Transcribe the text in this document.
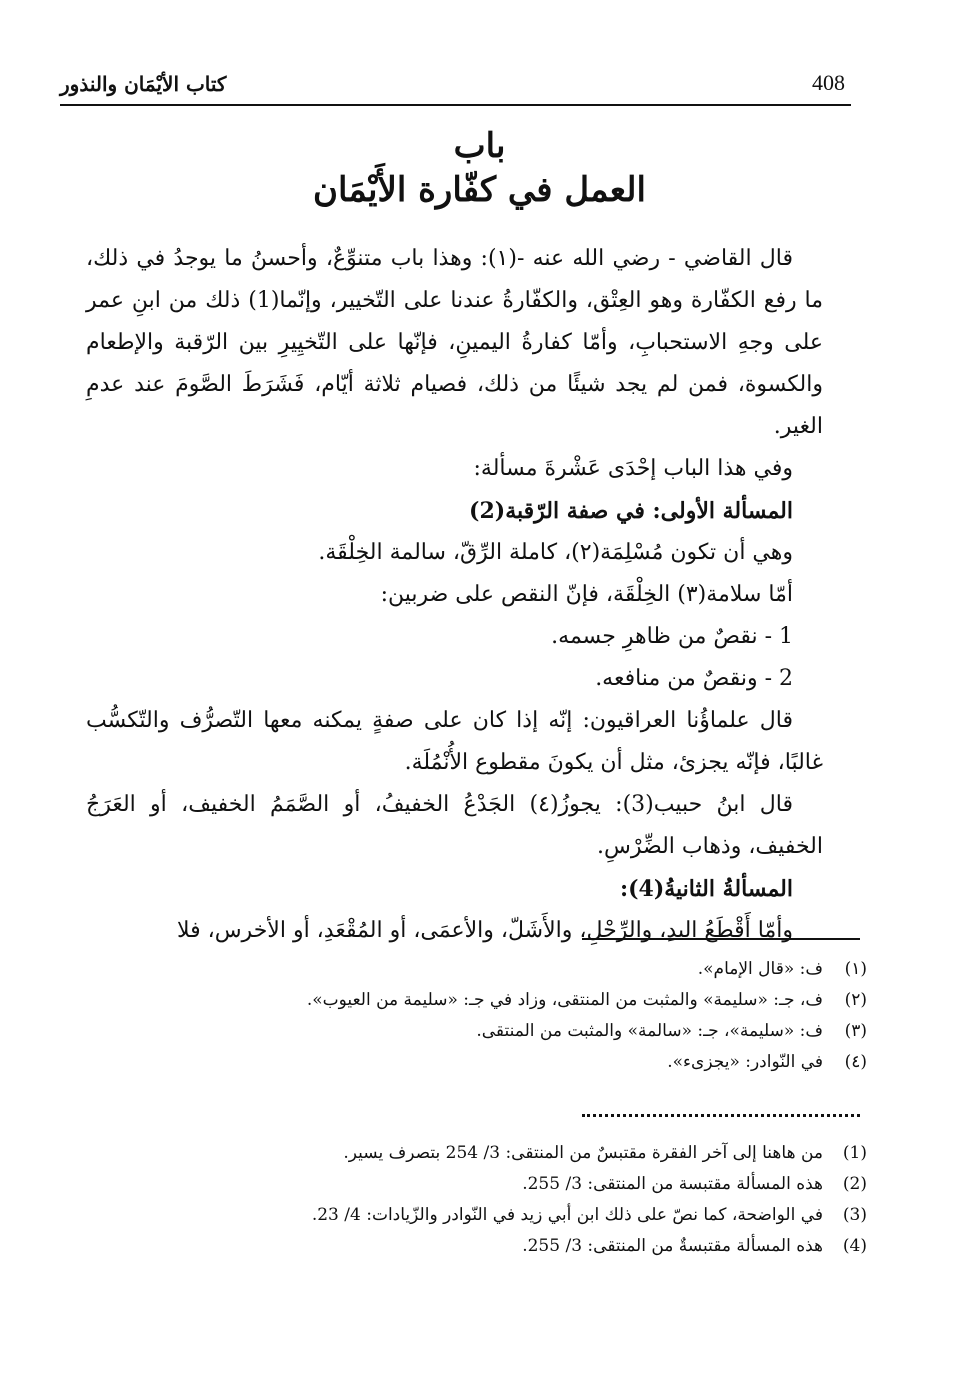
408
كتاب الأيْمَان والنذور
باب
العمل في كفّارة الأَيْمَان

قال القاضي - رضي الله عنه -(١): وهذا باب متنوِّعٌ، وأحسنُ ما يوجدُ في ذلك، ما رفع الكفّارة وهو العِتْق، والكفّارةُ عندنا على التّخيير، وإنّما(1) ذلك من ابنِ عمر على وجهِ الاستحبابِ، وأمّا كفارةُ اليمينِ، فإنّها على التّخيِيرِ بين الرّقبة والإطعام والكسوة، فمن لم يجد شيئًا من ذلك، فصيام ثلاثة أيّام، فَشَرَطَ الصَّومَ عند عدمِ الغير.

وفي هذا الباب إحْدَى عَشْرةَ مسألة:

المسألة الأولى: في صفة الرّقبة(2)

وهي أن تكون مُسْلِمَة(٢)، كاملة الرِّقّ، سالمة الخِلْقَة.

أمّا سلامة(٣) الخِلْقَة، فإنّ النقص على ضربين:

1 - نقصٌ من ظاهرِ جسمه.

2 - ونقصٌ من منافعه.

قال علماؤُنا العراقيون: إنّه إذا كان على صفةٍ يمكنه معها التّصرُّف والتّكسُّب غالبًا، فإنّه يجزئ، مثل أن يكونَ مقطوع الأُنْمُلَة.

قال ابنُ حبيب(3): يجوزُ(٤) الجَدْعُ الخفيفُ، أو الصَّمَمُ الخفيف، أو العَرَجُ الخفيف، وذهاب الضِّرْسِ.

المسألةُ الثانيةُ(4):

وأمّا أَقْطَعُ اليدِ، والرِّجْلِ، والأَشَلّ، والأعمَى، أو المُقْعَدِ، أو الأخرس، فلا

(١)
ف: «قال الإمام».
(٢)
ف، جـ: «سليمة» والمثبت من المنتقى، وزاد في جـ: «سليمة من العيوب».
(٣)
ف: «سليمة»، جـ: «سالمة» والمثبت من المنتقى.
(٤)
في النّوادر: «يجزىء».
(1)
من هاهنا إلى آخر الفقرة مقتبسٌ من المنتقى: 3/ 254 بتصرف يسير.
(2)
هذه المسألة مقتبسة من المنتقى: 3/ 255.
(3)
في الواضحة، كما نصّ على ذلك ابن أبي زيد في النّوادر والزّيادات: 4/ 23.
(4)
هذه المسألة مقتبسةٌ من المنتقى: 3/ 255.
